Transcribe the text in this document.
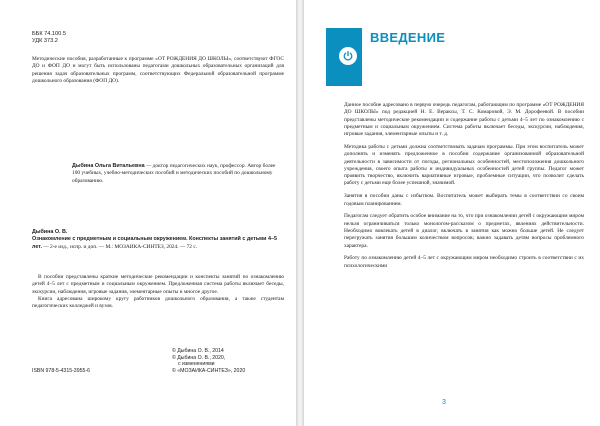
ББК 74.100.5
УДК 373.2

Методические пособия, разработанные к программе «ОТ РОЖДЕНИЯ ДО ШКОЛЫ», соответствуют ФГОС ДО и ФОП ДО и могут быть использованы педагогами дошкольных образовательных организаций для решения задач образовательных программ, соответствующих Федеральной образовательной программе дошкольного образования (ФОП ДО).

Дыбина Ольга Витальевна — доктор педагогических наук, профессор. Автор более 100 учебных, учебно-методических пособий и методических пособий по дошкольному образованию.

Дыбина О. В.
Ознакомление с предметным и социальным окружением. Конспекты занятий с детьми 4–5 лет. — 2-е изд., испр. и доп. — М.: МОЗАИКА-СИНТЕЗ, 2024. — 72 с.

В пособии представлены краткие методические рекомендации и конспекты занятий по ознакомлению детей 4–5 лет с предметным и социальным окружением. Предложенная система работы включает беседы, экскурсии, наблюдения, игровые задания, элементарные опыты и многое другое.

Книга адресована широкому кругу работников дошкольного образования, а также студентам педагогических колледжей и вузов.

© Дыбина О. В., 2014
© Дыбина О. В., 2020,
с изменениями
© «МОЗАИКА-СИНТЕЗ», 2020
ISBN 978-5-4315-3955-6
ВВЕДЕНИЕ

Данное пособие адресовано в первую очередь педагогам, работающим по программе «ОТ РОЖДЕНИЯ ДО ШКОЛЫ» под редакцией Н. Е. Вераксы, Т. С. Комаровой, Э. М. Дорофеевой. В пособии представлены методические рекомендации и содержание работы с детьми 4–5 лет по ознакомлению с предметным и социальным окружением. Система работы включает беседы, экскурсии, наблюдения, игровые задания, элементарные опыты и т. д.

Методика работы с детьми должна соответствовать задачам программы. При этом воспитатель может дополнять и изменять предложенное в пособии содержание организованной образовательной деятельности в зависимости от погоды, региональных особенностей, местоположения дошкольного учреждения, своего опыта работы и индивидуальных особенностей детей группы. Педагог может проявить творчество, включить вариативные игровые, проблемные ситуации, что позволит сделать работу с детьми еще более успешной, значимой.

Занятия в пособии даны с избытком. Воспитатель может выбирать темы в соответствии со своим годовым планированием.

Педагогам следует обратить особое внимание на то, что при ознакомлении детей с окружающим миром нельзя ограничиваться только монологом-рассказом о предметах, явлениях действительности. Необходимо вовлекать детей в диалог, включать в занятия как можно больше детей. Не следует перегружать занятия большим количеством вопросов; важно задавать детям вопросы проблемного характера.

Работу по ознакомлению детей 4–5 лет с окружающим миром необходимо строить в соответствии с их психологическими

3
